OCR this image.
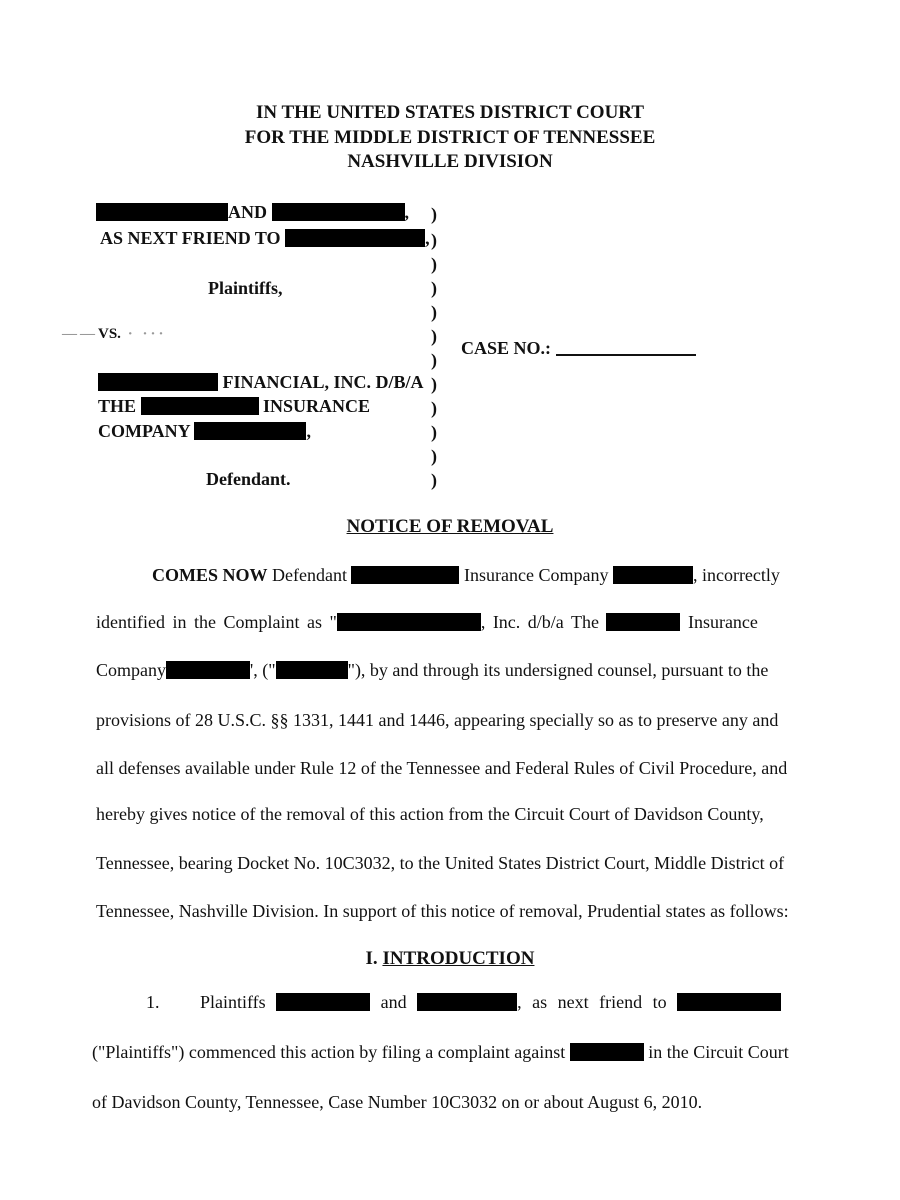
IN THE UNITED STATES DISTRICT COURT
FOR THE MIDDLE DISTRICT OF TENNESSEE
NASHVILLE DIVISION
AND	,
AS NEXT FRIEND TO	,
Plaintiffs,
——VS. · ···
FINANCIAL, INC. D/B/A
THE	INSURANCE
COMPANY	,
Defendant.
)
)
)
)
)
)
)
)
)
)
)
)
CASE NO.:
NOTICE OF REMOVAL
COMES NOW Defendant	Insurance Company	, incorrectly
identified in the Complaint as "	, Inc. d/b/a The	Insurance
Company	', ("	"), by and through its undersigned counsel, pursuant to the
provisions of 28 U.S.C. §§ 1331, 1441 and 1446, appearing specially so as to preserve any and
all defenses available under Rule 12 of the Tennessee and Federal Rules of Civil Procedure, and
hereby gives notice of the removal of this action from the Circuit Court of Davidson County,
Tennessee, bearing Docket No. 10C3032, to the United States District Court, Middle District of
Tennessee, Nashville Division. In support of this notice of removal, Prudential states as follows:
I. INTRODUCTION
1. Plaintiffs	and	, as next friend to
("Plaintiffs") commenced this action by filing a complaint against	in the Circuit Court
of Davidson County, Tennessee, Case Number 10C3032 on or about August 6, 2010.
